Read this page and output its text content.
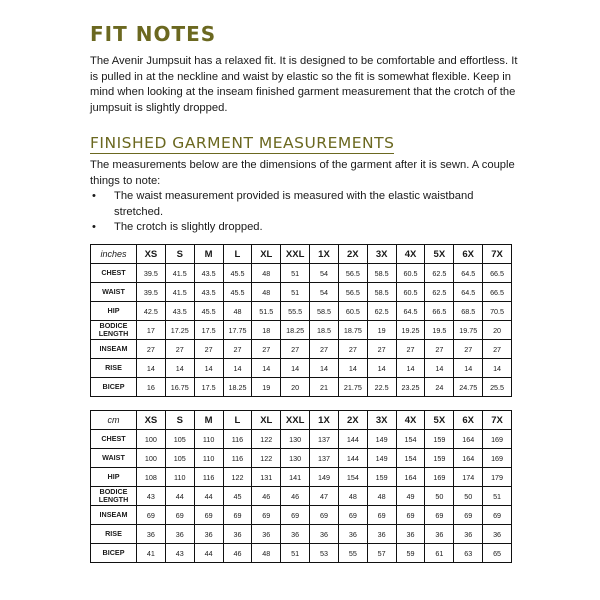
FIT NOTES

The Avenir Jumpsuit has a relaxed fit. It is designed to be comfortable and effortless. It is pulled in at the neckline and waist by elastic so the fit is somewhat flexible. Keep in mind when looking at the inseam finished garment measurement that the crotch of the jumpsuit is slightly dropped.

FINISHED GARMENT MEASUREMENTS

The measurements below are the dimensions of the garment after it is sewn. A couple things to note:

• The waist measurement provided is measured with the elastic waistband stretched.
• The crotch is slightly dropped.
inches	XS	S	M	L	XL	XXL	1X	2X	3X	4X	5X	6X	7X
CHEST	39.5	41.5	43.5	45.5	48	51	54	56.5	58.5	60.5	62.5	64.5	66.5
WAIST	39.5	41.5	43.5	45.5	48	51	54	56.5	58.5	60.5	62.5	64.5	66.5
HIP	42.5	43.5	45.5	48	51.5	55.5	58.5	60.5	62.5	64.5	66.5	68.5	70.5
BODICE LENGTH	17	17.25	17.5	17.75	18	18.25	18.5	18.75	19	19.25	19.5	19.75	20
INSEAM	27	27	27	27	27	27	27	27	27	27	27	27	27
RISE	14	14	14	14	14	14	14	14	14	14	14	14	14
BICEP	16	16.75	17.5	18.25	19	20	21	21.75	22.5	23.25	24	24.75	25.5
cm	XS	S	M	L	XL	XXL	1X	2X	3X	4X	5X	6X	7X
CHEST	100	105	110	116	122	130	137	144	149	154	159	164	169
WAIST	100	105	110	116	122	130	137	144	149	154	159	164	169
HIP	108	110	116	122	131	141	149	154	159	164	169	174	179
BODICE LENGTH	43	44	44	45	46	46	47	48	48	49	50	50	51
INSEAM	69	69	69	69	69	69	69	69	69	69	69	69	69
RISE	36	36	36	36	36	36	36	36	36	36	36	36	36
BICEP	41	43	44	46	48	51	53	55	57	59	61	63	65
